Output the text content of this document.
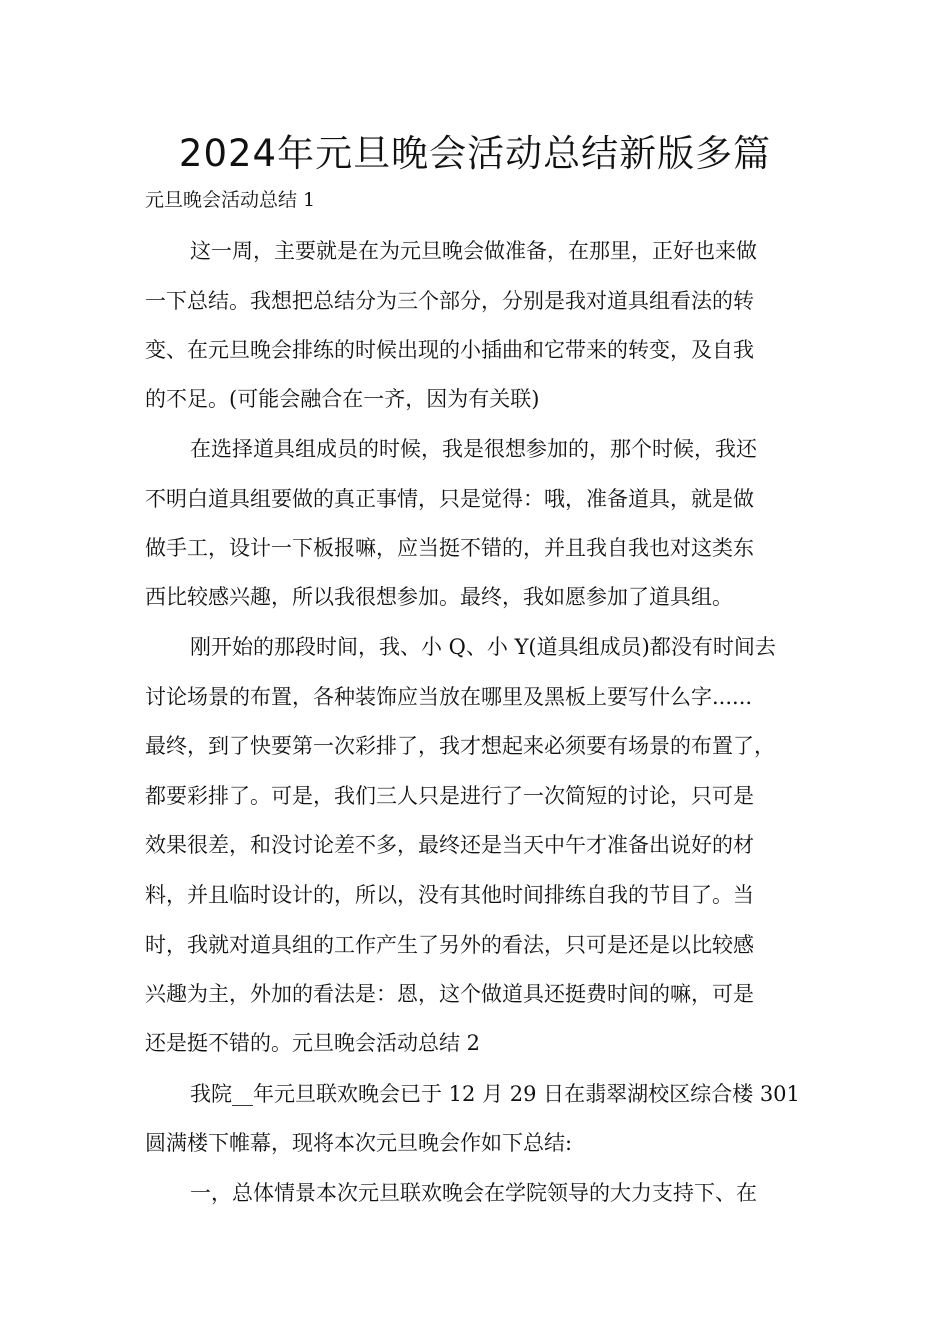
2024年元旦晚会活动总结新版多篇
元旦晚会活动总结 1
这一周，主要就是在为元旦晚会做准备，在那里，正好也来做
一下总结。我想把总结分为三个部分，分别是我对道具组看法的转
变、在元旦晚会排练的时候出现的小插曲和它带来的转变，及自我
的不足。(可能会融合在一齐，因为有关联)
在选择道具组成员的时候，我是很想参加的，那个时候，我还
不明白道具组要做的真正事情，只是觉得：哦，准备道具，就是做
做手工，设计一下板报嘛，应当挺不错的，并且我自我也对这类东
西比较感兴趣，所以我很想参加。最终，我如愿参加了道具组。
刚开始的那段时间，我、小 Q、小 Y(道具组成员)都没有时间去
讨论场景的布置，各种装饰应当放在哪里及黑板上要写什么字......
最终，到了快要第一次彩排了，我才想起来必须要有场景的布置了，
都要彩排了。可是，我们三人只是进行了一次简短的讨论，只可是
效果很差，和没讨论差不多，最终还是当天中午才准备出说好的材
料，并且临时设计的，所以，没有其他时间排练自我的节目了。当
时，我就对道具组的工作产生了另外的看法，只可是还是以比较感
兴趣为主，外加的看法是：恩，这个做道具还挺费时间的嘛，可是
还是挺不错的。元旦晚会活动总结 2
我院__年元旦联欢晚会已于 12 月 29 日在翡翠湖校区综合楼 301
圆满楼下帷幕，现将本次元旦晚会作如下总结:
一，总体情景本次元旦联欢晚会在学院领导的大力支持下、在
